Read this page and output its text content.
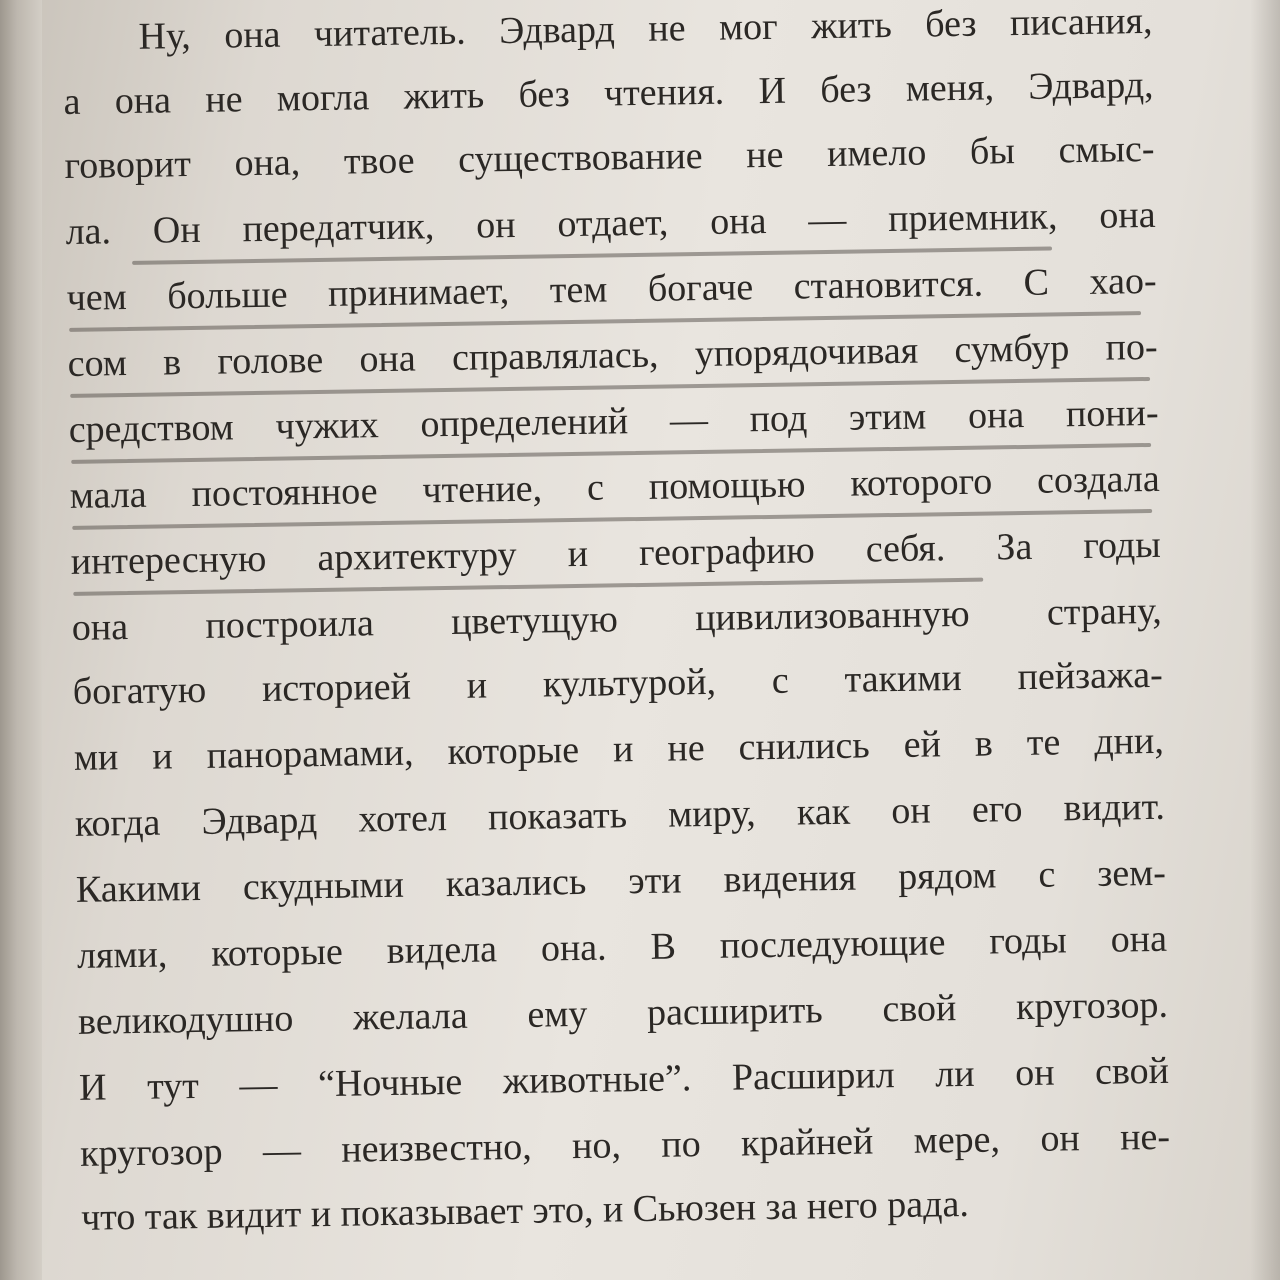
Ну, она читатель. Эдвард не мог жить без писания,
а она не могла жить без чтения. И без меня, Эдвард,
говорит она, твое существование не имело бы смыс-
ла. Он передатчик, он отдает, она — приемник, она
чем больше принимает, тем богаче становится. С хао-
сом в голове она справлялась, упорядочивая сумбур по-
средством чужих определений — под этим она пони-
мала постоянное чтение, с помощью которого создала
интересную архитектуру и географию себя. За годы
она построила цветущую цивилизованную страну,
богатую историей и культурой, с такими пейзажа-
ми и панорамами, которые и не снились ей в те дни,
когда Эдвард хотел показать миру, как он его видит.
Какими скудными казались эти видения рядом с зем-
лями, которые видела она. В последующие годы она
великодушно желала ему расширить свой кругозор.
И тут — “Ночные животные”. Расширил ли он свой
кругозор — неизвестно, но, по крайней мере, он не-
что так видит и показывает это, и Сьюзен за него рада.
